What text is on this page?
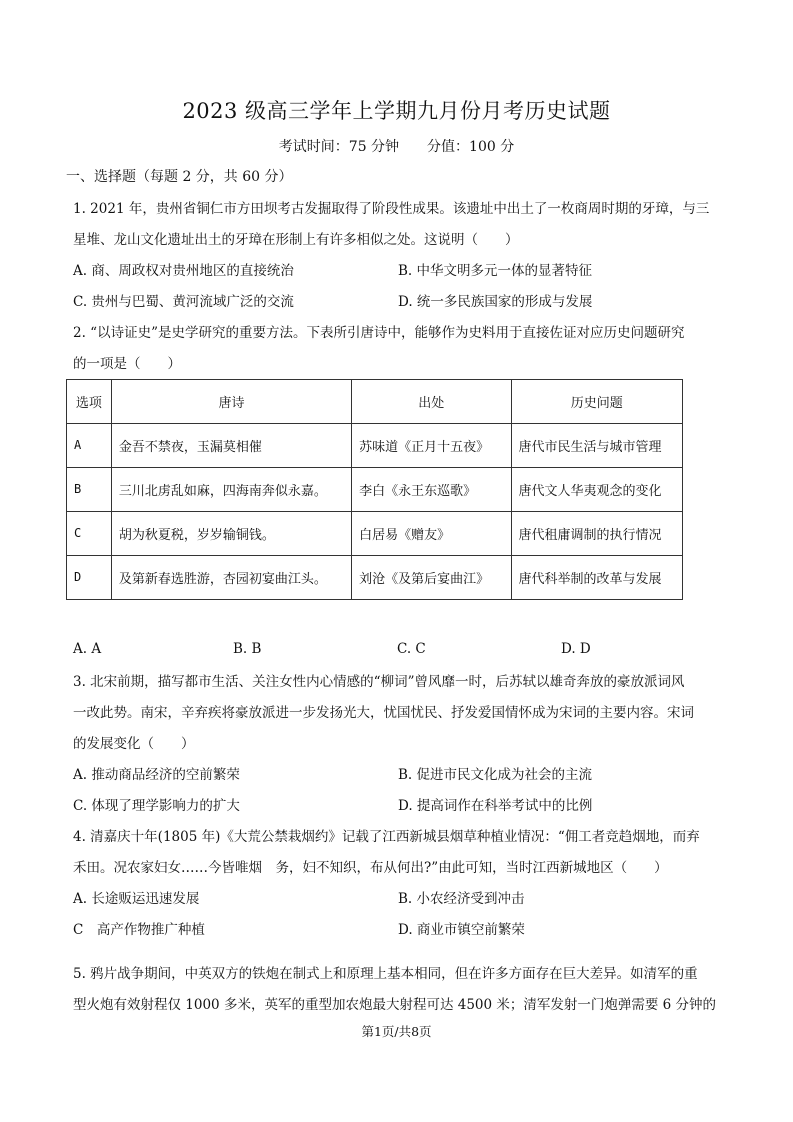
2023 级高三学年上学期九月份月考历史试题
考试时间：75 分钟 分值：100 分
一、选择题（每题 2 分，共 60 分）
1. 2021 年，贵州省铜仁市方田坝考古发掘取得了阶段性成果。该遗址中出土了一枚商周时期的牙璋，与三
星堆、龙山文化遗址出土的牙璋在形制上有许多相似之处。这说明（　　）
A. 商、周政权对贵州地区的直接统治	B. 中华文明多元一体的显著特征
C. 贵州与巴蜀、黄河流域广泛的交流	D. 统一多民族国家的形成与发展
2. “以诗证史”是史学研究的重要方法。下表所引唐诗中，能够作为史料用于直接佐证对应历史问题研究
的一项是（　　）
选项	唐诗	出处	历史问题
A	金吾不禁夜，玉漏莫相催	苏味道《正月十五夜》	唐代市民生活与城市管理
B	三川北虏乱如麻，四海南奔似永嘉。	李白《永王东巡歌》	唐代文人华夷观念的变化
C	胡为秋夏税，岁岁输铜钱。	白居易《赠友》	唐代租庸调制的执行情况
D	及第新春选胜游，杏园初宴曲江头。	刘沧《及第后宴曲江》	唐代科举制的改革与发展
A. A	B. B	C. C	D. D
3. 北宋前期，描写都市生活、关注女性内心情感的“柳词”曾风靡一时，后苏轼以雄奇奔放的豪放派词风
一改此势。南宋，辛弃疾将豪放派进一步发扬光大，忧国忧民、抒发爱国情怀成为宋词的主要内容。宋词
的发展变化（　　）
A. 推动商品经济的空前繁荣	B. 促进市民文化成为社会的主流
C. 体现了理学影响力的扩大	D. 提高词作在科举考试中的比例
4. 清嘉庆十年(1805 年)《大荒公禁栽烟约》记载了江西新城县烟草种植业情况：“佣工者竞趋烟地，而弃
禾田。况农家妇女……今皆唯烟　务，妇不知织，布从何出?”由此可知，当时江西新城地区（　　）
A. 长途贩运迅速发展	B. 小农经济受到冲击
C　高产作物推广种植	D. 商业市镇空前繁荣
5. 鸦片战争期间，中英双方的铁炮在制式上和原理上基本相同，但在许多方面存在巨大差异。如清军的重
型火炮有效射程仅 1000 多米，英军的重型加农炮最大射程可达 4500 米；清军发射一门炮弹需要 6 分钟的
第1页/共8页
